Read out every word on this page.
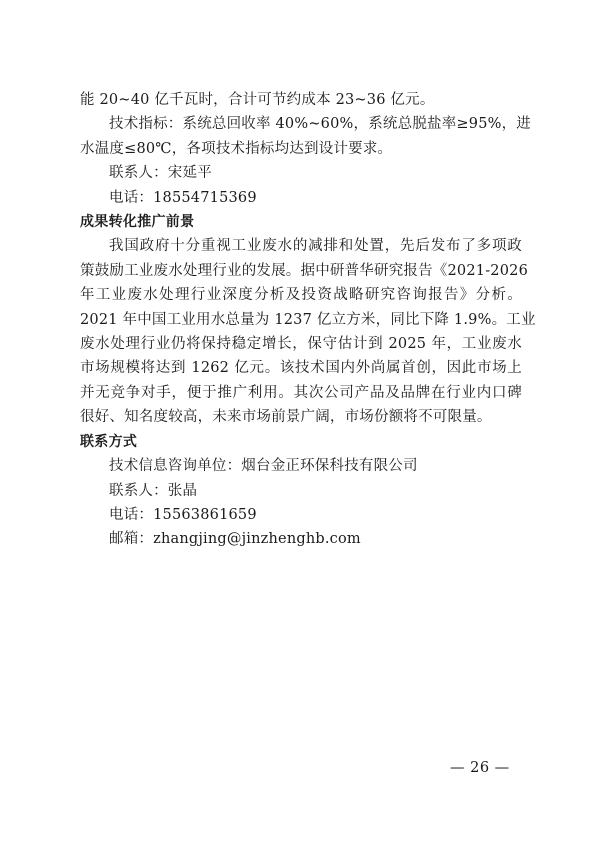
能 20~40 亿千瓦时，合计可节约成本 23~36 亿元。
技术指标：系统总回收率 40%~60%，系统总脱盐率≥95%，进
水温度≤80℃，各项技术指标均达到设计要求。
联系人：宋延平
电话：18554715369
成果转化推广前景
我国政府十分重视工业废水的减排和处置，先后发布了多项政
策鼓励工业废水处理行业的发展。据中研普华研究报告《2021-2026
年工业废水处理行业深度分析及投资战略研究咨询报告》分析。
2021 年中国工业用水总量为 1237 亿立方米，同比下降 1.9%。工业
废水处理行业仍将保持稳定增长，保守估计到 2025 年，工业废水
市场规模将达到 1262 亿元。该技术国内外尚属首创，因此市场上
并无竞争对手，便于推广利用。其次公司产品及品牌在行业内口碑
很好、知名度较高，未来市场前景广阔，市场份额将不可限量。
联系方式
技术信息咨询单位：烟台金正环保科技有限公司
联系人：张晶
电话：15563861659
邮箱：zhangjing@jinzhenghb.com
— 26 —
